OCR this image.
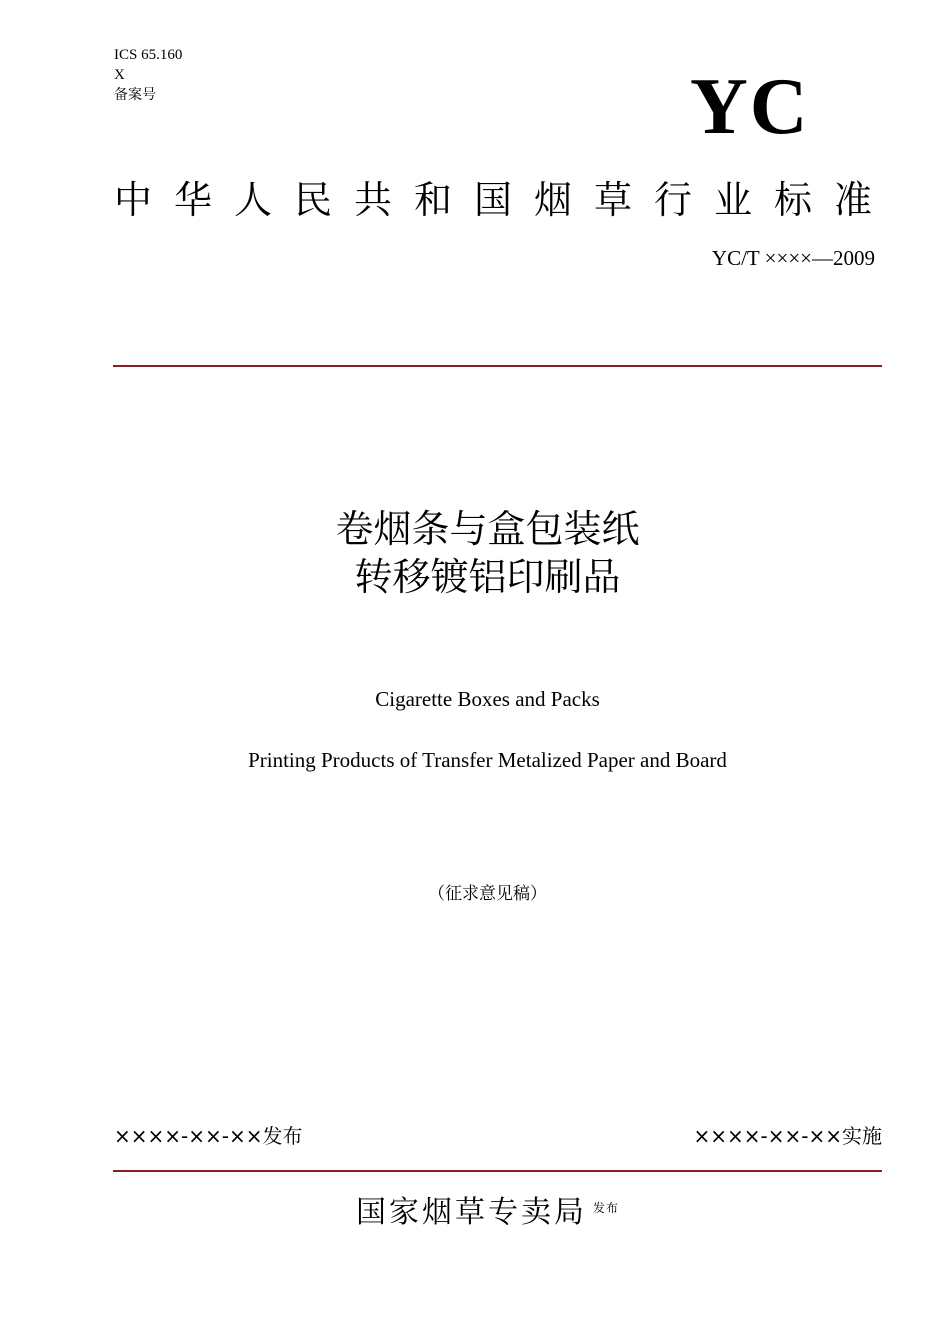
ICS 65.160
X
备案号	YC
中华人民共和国烟草行业标准
YC/T ××××—2009
卷烟条与盒包装纸
转移镀铝印刷品
Cigarette Boxes and Packs
Printing Products of Transfer Metalized Paper and Board
（征求意见稿）
××××-××-××发布	××××-××-××实施
国家烟草专卖局 $^{发布}$
